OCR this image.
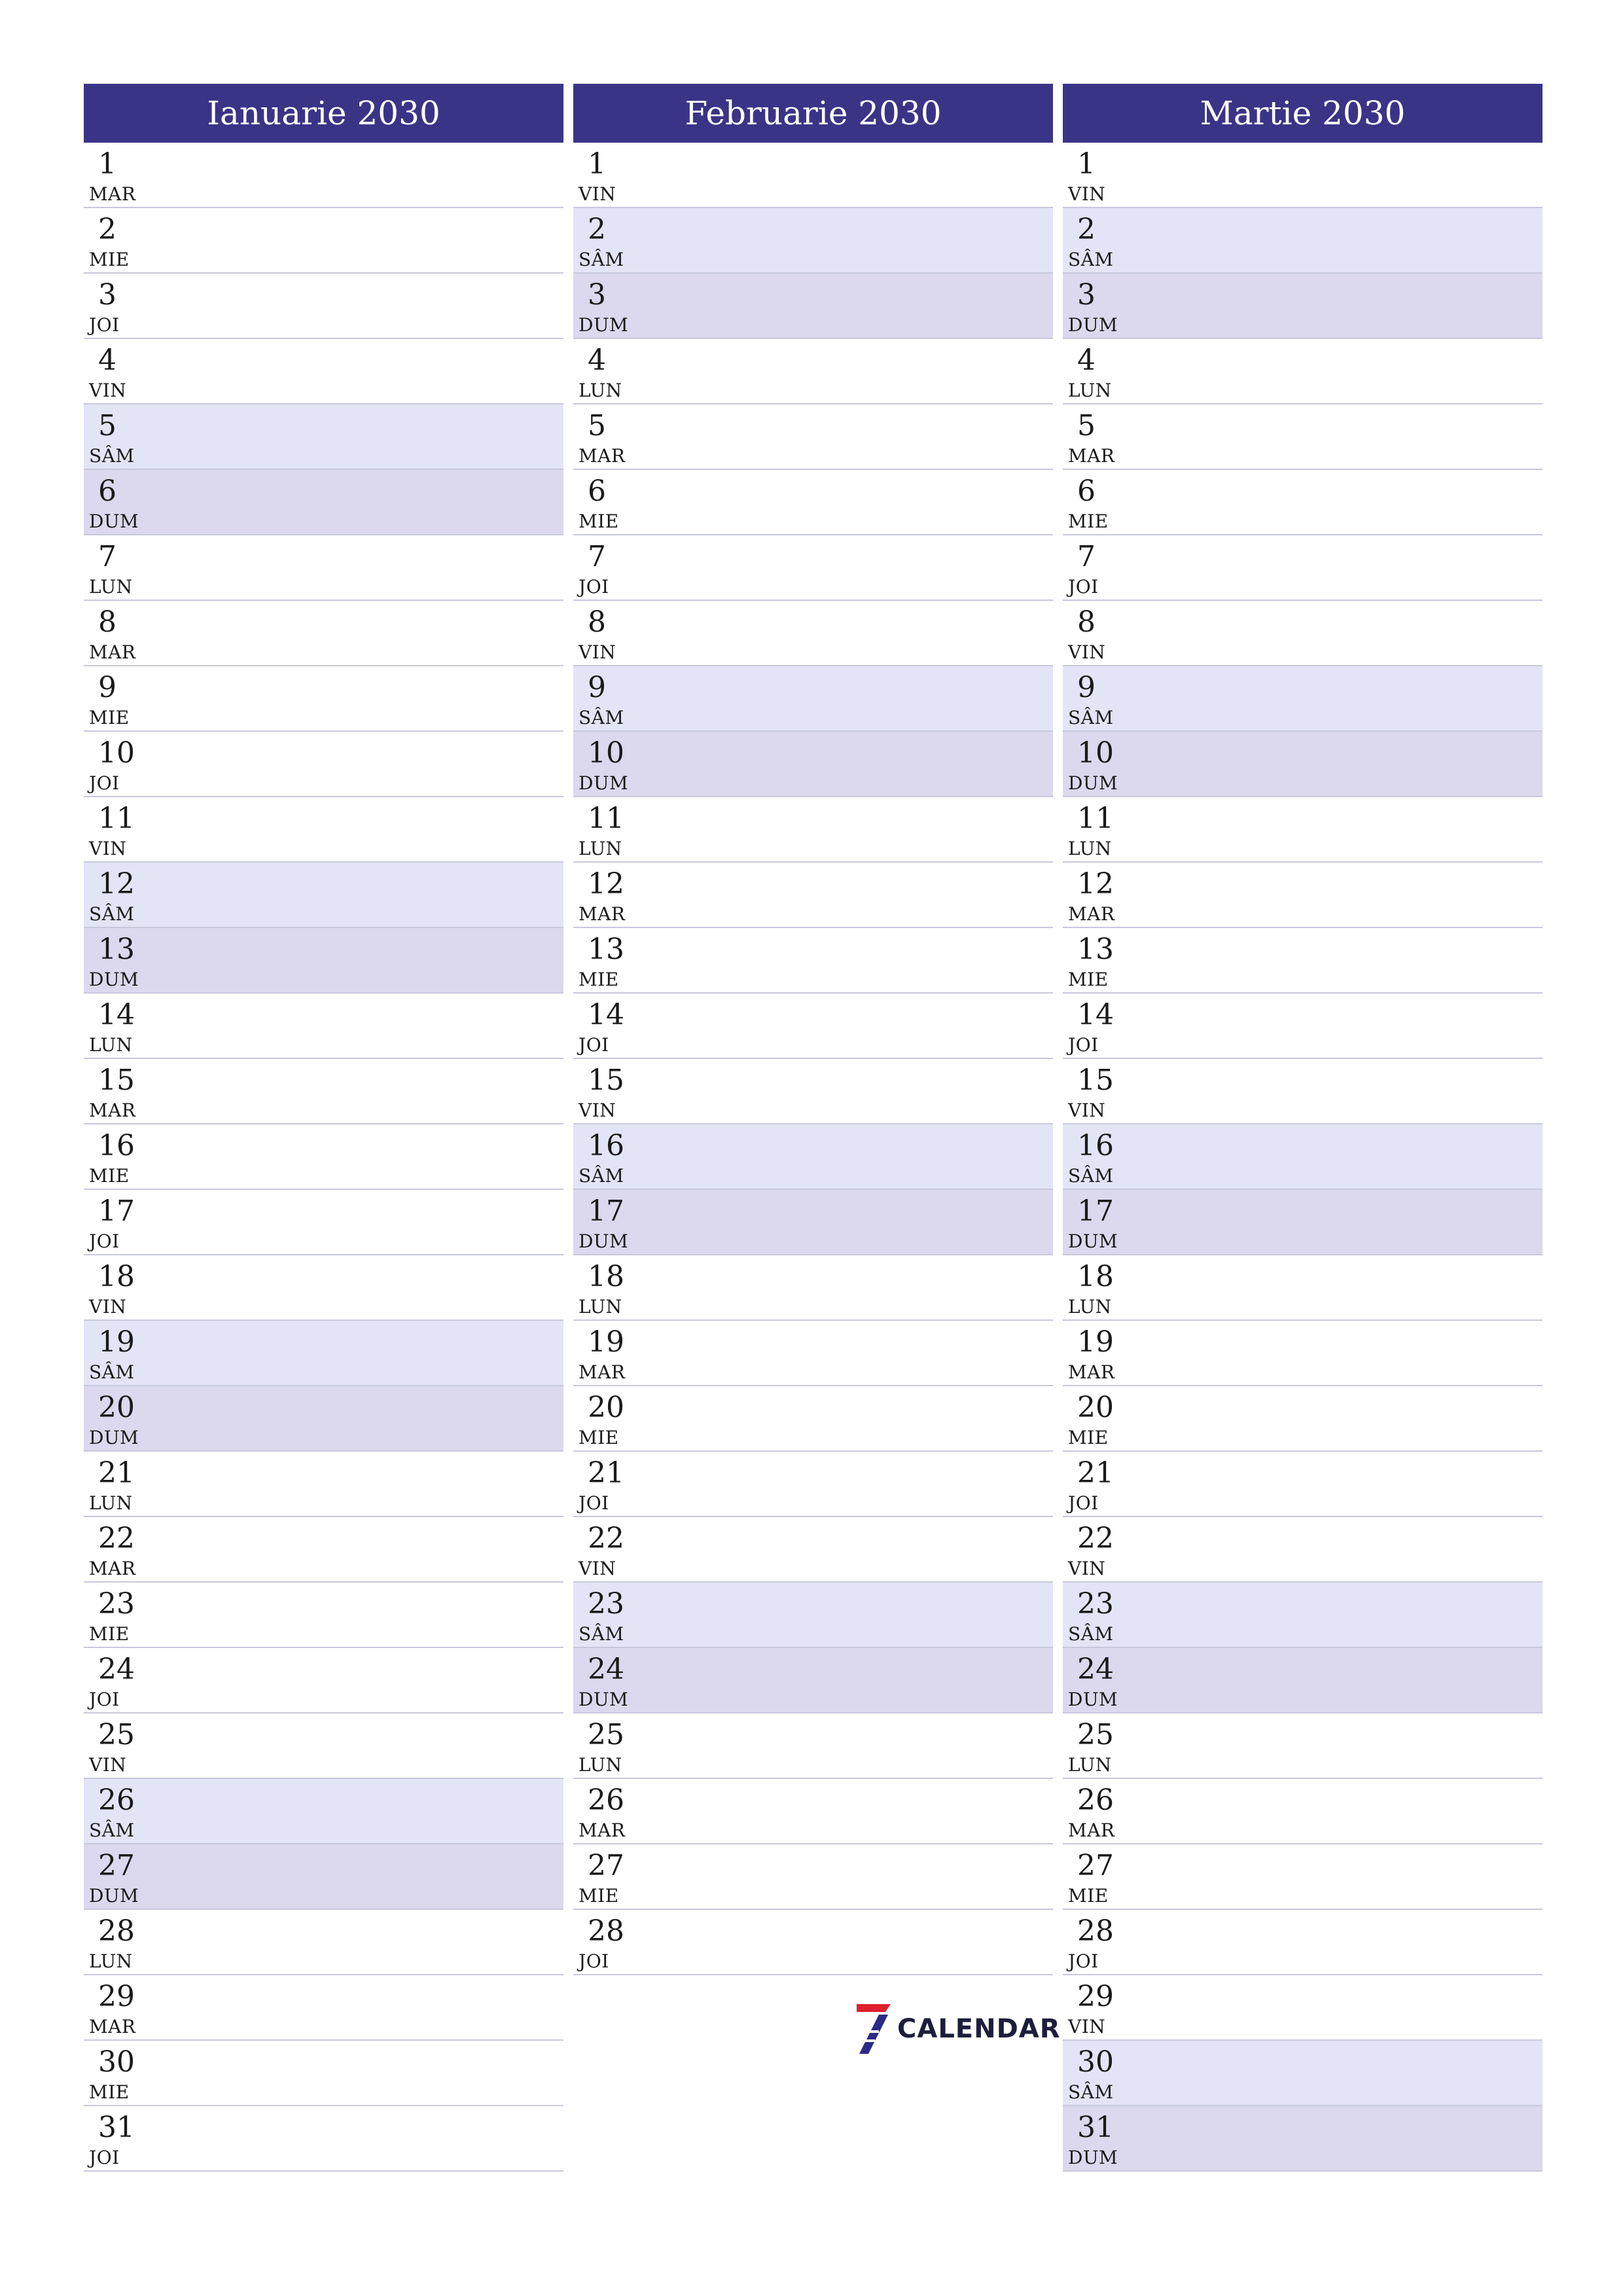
Ianuarie 2030
1
MAR
2
MIE
3
JOI
4
VIN
5
SÂM
6
DUM
7
LUN
8
MAR
9
MIE
10
JOI
11
VIN
12
SÂM
13
DUM
14
LUN
15
MAR
16
MIE
17
JOI
18
VIN
19
SÂM
20
DUM
21
LUN
22
MAR
23
MIE
24
JOI
25
VIN
26
SÂM
27
DUM
28
LUN
29
MAR
30
MIE
31
JOI
Februarie 2030
1
VIN
2
SÂM
3
DUM
4
LUN
5
MAR
6
MIE
7
JOI
8
VIN
9
SÂM
10
DUM
11
LUN
12
MAR
13
MIE
14
JOI
15
VIN
16
SÂM
17
DUM
18
LUN
19
MAR
20
MIE
21
JOI
22
VIN
23
SÂM
24
DUM
25
LUN
26
MAR
27
MIE
28
JOI
Martie 2030
1
VIN
2
SÂM
3
DUM
4
LUN
5
MAR
6
MIE
7
JOI
8
VIN
9
SÂM
10
DUM
11
LUN
12
MAR
13
MIE
14
JOI
15
VIN
16
SÂM
17
DUM
18
LUN
19
MAR
20
MIE
21
JOI
22
VIN
23
SÂM
24
DUM
25
LUN
26
MAR
27
MIE
28
JOI
29
VIN
30
SÂM
31
DUM
CALENDAR
